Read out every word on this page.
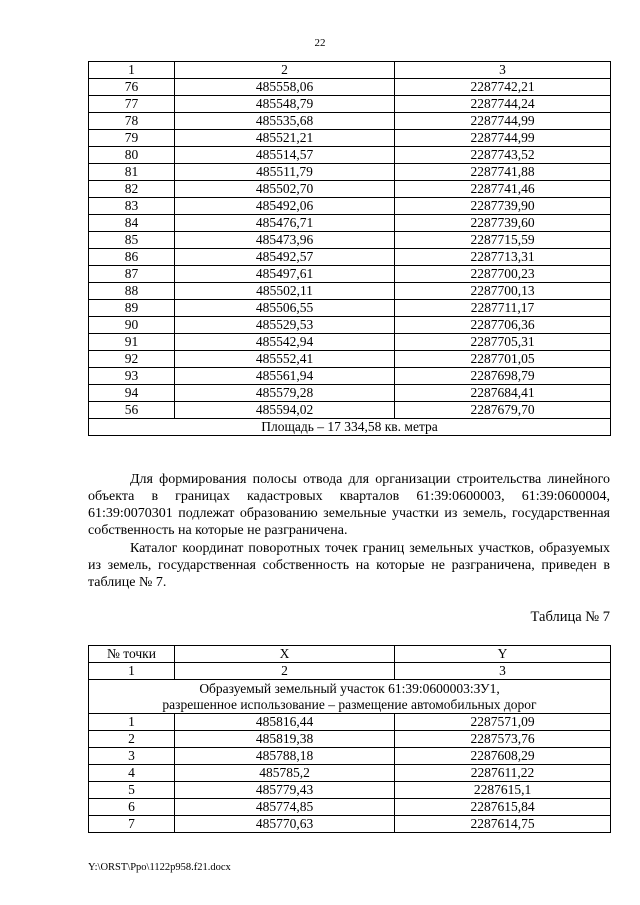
22
1	2	3
76	485558,06	2287742,21
77	485548,79	2287744,24
78	485535,68	2287744,99
79	485521,21	2287744,99
80	485514,57	2287743,52
81	485511,79	2287741,88
82	485502,70	2287741,46
83	485492,06	2287739,90
84	485476,71	2287739,60
85	485473,96	2287715,59
86	485492,57	2287713,31
87	485497,61	2287700,23
88	485502,11	2287700,13
89	485506,55	2287711,17
90	485529,53	2287706,36
91	485542,94	2287705,31
92	485552,41	2287701,05
93	485561,94	2287698,79
94	485579,28	2287684,41
56	485594,02	2287679,70
Площадь – 17 334,58 кв. метра		

Для формирования полосы отвода для организации строительства линейного объекта в границах кадастровых кварталов 61:39:0600003, 61:39:0600004, 61:39:0070301 подлежат образованию земельные участки из земель, государственная собственность на которые не разграничена.

Каталог координат поворотных точек границ земельных участков, образуемых из земель, государственная собственность на которые не разграничена, приведен в таблице № 7.

Таблица № 7
№ точки	X	Y
1	2	3

Образуемый земельный участок 61:39:0600003:ЗУ1,
разрешенное использование – размещение автомобильных дорог		

1	485816,44	2287571,09
2	485819,38	2287573,76
3	485788,18	2287608,29
4	485785,2	2287611,22
5	485779,43	2287615,1
6	485774,85	2287615,84
7	485770,63	2287614,75
Y:\ORST\Ppo\1122p958.f21.docx
